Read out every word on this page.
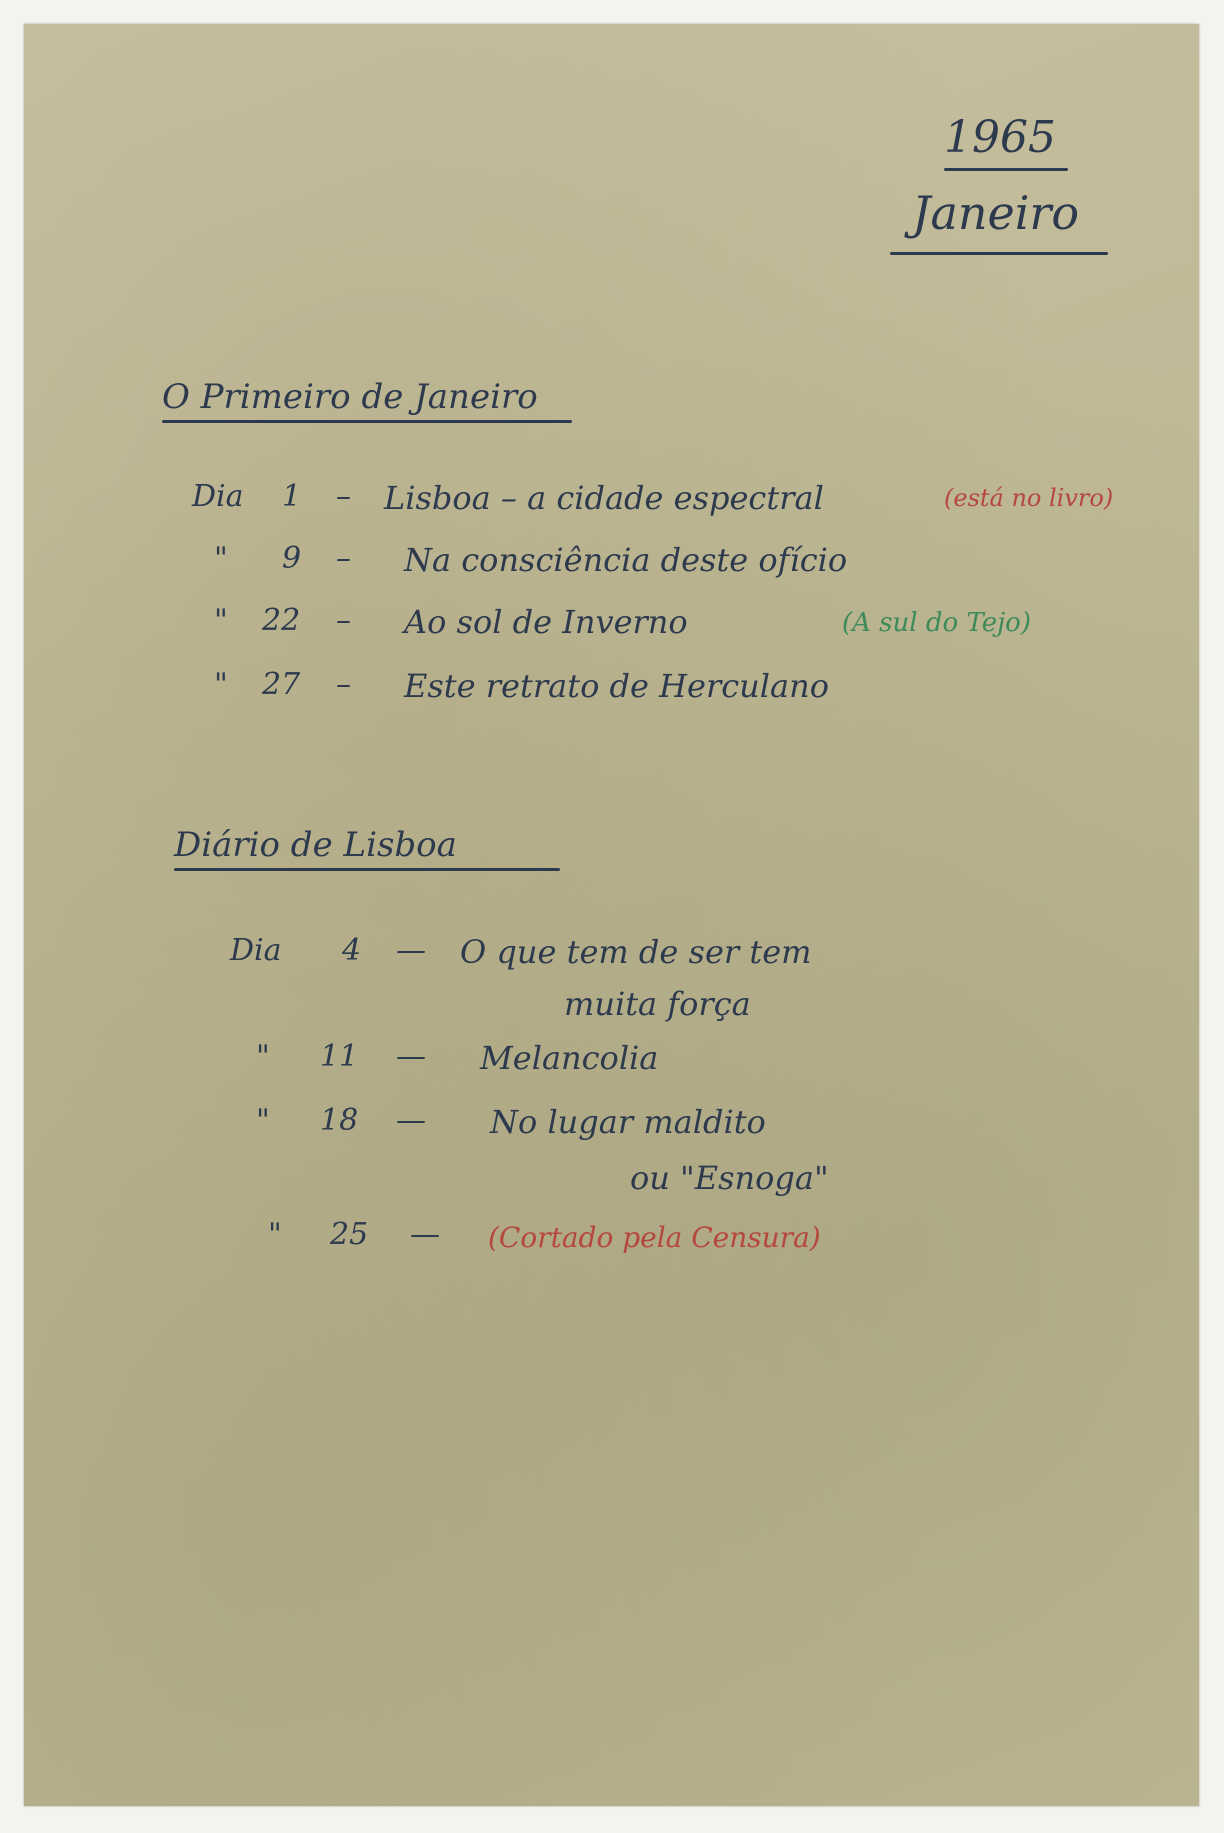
1965
Janeiro
O Primeiro de Janeiro
Dia 1 – Lisboa – a cidade espectral	(está no livro)
" 9 – Na consciência deste ofício
" 22 – Ao sol de Inverno	(A sul do Tejo)
" 27 – Este retrato de Herculano
Diário de Lisboa
Dia 4 — O que tem de ser tem
muita força
" 11 — Melancolia
" 18 — No lugar maldito
ou "Esnoga"
" 25 — (Cortado pela Censura)
